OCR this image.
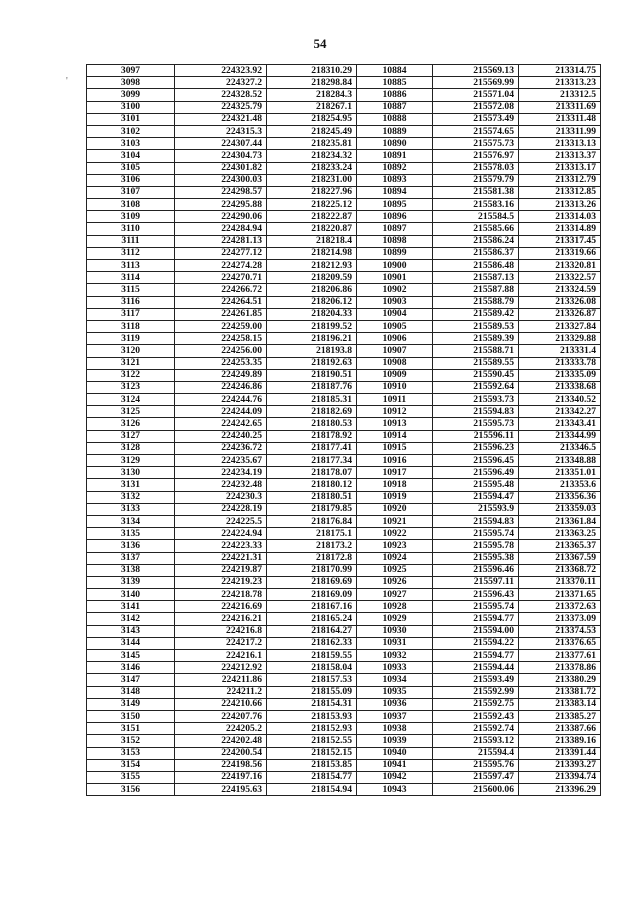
54
'
3097	224323.92	218310.29	10884	215569.13	213314.75
3098	224327.2	218298.84	10885	215569.99	213313.23
3099	224328.52	218284.3	10886	215571.04	213312.5
3100	224325.79	218267.1	10887	215572.08	213311.69
3101	224321.48	218254.95	10888	215573.49	213311.48
3102	224315.3	218245.49	10889	215574.65	213311.99
3103	224307.44	218235.81	10890	215575.73	213313.13
3104	224304.73	218234.32	10891	215576.97	213313.37
3105	224301.82	218233.24	10892	215578.03	213313.17
3106	224300.03	218231.00	10893	215579.79	213312.79
3107	224298.57	218227.96	10894	215581.38	213312.85
3108	224295.88	218225.12	10895	215583.16	213313.26
3109	224290.06	218222.87	10896	215584.5	213314.03
3110	224284.94	218220.87	10897	215585.66	213314.89
3111	224281.13	218218.4	10898	215586.24	213317.45
3112	224277.12	218214.98	10899	215586.37	213319.66
3113	224274.28	218212.93	10900	215586.48	213320.81
3114	224270.71	218209.59	10901	215587.13	213322.57
3115	224266.72	218206.86	10902	215587.88	213324.59
3116	224264.51	218206.12	10903	215588.79	213326.08
3117	224261.85	218204.33	10904	215589.42	213326.87
3118	224259.00	218199.52	10905	215589.53	213327.84
3119	224258.15	218196.21	10906	215589.39	213329.88
3120	224256.00	218193.8	10907	215588.71	213331.4
3121	224253.35	218192.63	10908	215589.55	213333.78
3122	224249.89	218190.51	10909	215590.45	213335.09
3123	224246.86	218187.76	10910	215592.64	213338.68
3124	224244.76	218185.31	10911	215593.73	213340.52
3125	224244.09	218182.69	10912	215594.83	213342.27
3126	224242.65	218180.53	10913	215595.73	213343.41
3127	224240.25	218178.92	10914	215596.11	213344.99
3128	224236.72	218177.41	10915	215596.23	213346.5
3129	224235.67	218177.34	10916	215596.45	213348.88
3130	224234.19	218178.07	10917	215596.49	213351.01
3131	224232.48	218180.12	10918	215595.48	213353.6
3132	224230.3	218180.51	10919	215594.47	213356.36
3133	224228.19	218179.85	10920	215593.9	213359.03
3134	224225.5	218176.84	10921	215594.83	213361.84
3135	224224.94	218175.1	10922	215595.74	213363.25
3136	224223.33	218173.2	10923	215595.78	213365.37
3137	224221.31	218172.8	10924	215595.38	213367.59
3138	224219.87	218170.99	10925	215596.46	213368.72
3139	224219.23	218169.69	10926	215597.11	213370.11
3140	224218.78	218169.09	10927	215596.43	213371.65
3141	224216.69	218167.16	10928	215595.74	213372.63
3142	224216.21	218165.24	10929	215594.77	213373.09
3143	224216.8	218164.27	10930	215594.00	213374.53
3144	224217.2	218162.33	10931	215594.22	213376.65
3145	224216.1	218159.55	10932	215594.77	213377.61
3146	224212.92	218158.04	10933	215594.44	213378.86
3147	224211.86	218157.53	10934	215593.49	213380.29
3148	224211.2	218155.09	10935	215592.99	213381.72
3149	224210.66	218154.31	10936	215592.75	213383.14
3150	224207.76	218153.93	10937	215592.43	213385.27
3151	224205.2	218152.93	10938	215592.74	213387.66
3152	224202.48	218152.55	10939	215593.12	213389.16
3153	224200.54	218152.15	10940	215594.4	213391.44
3154	224198.56	218153.85	10941	215595.76	213393.27
3155	224197.16	218154.77	10942	215597.47	213394.74
3156	224195.63	218154.94	10943	215600.06	213396.29
